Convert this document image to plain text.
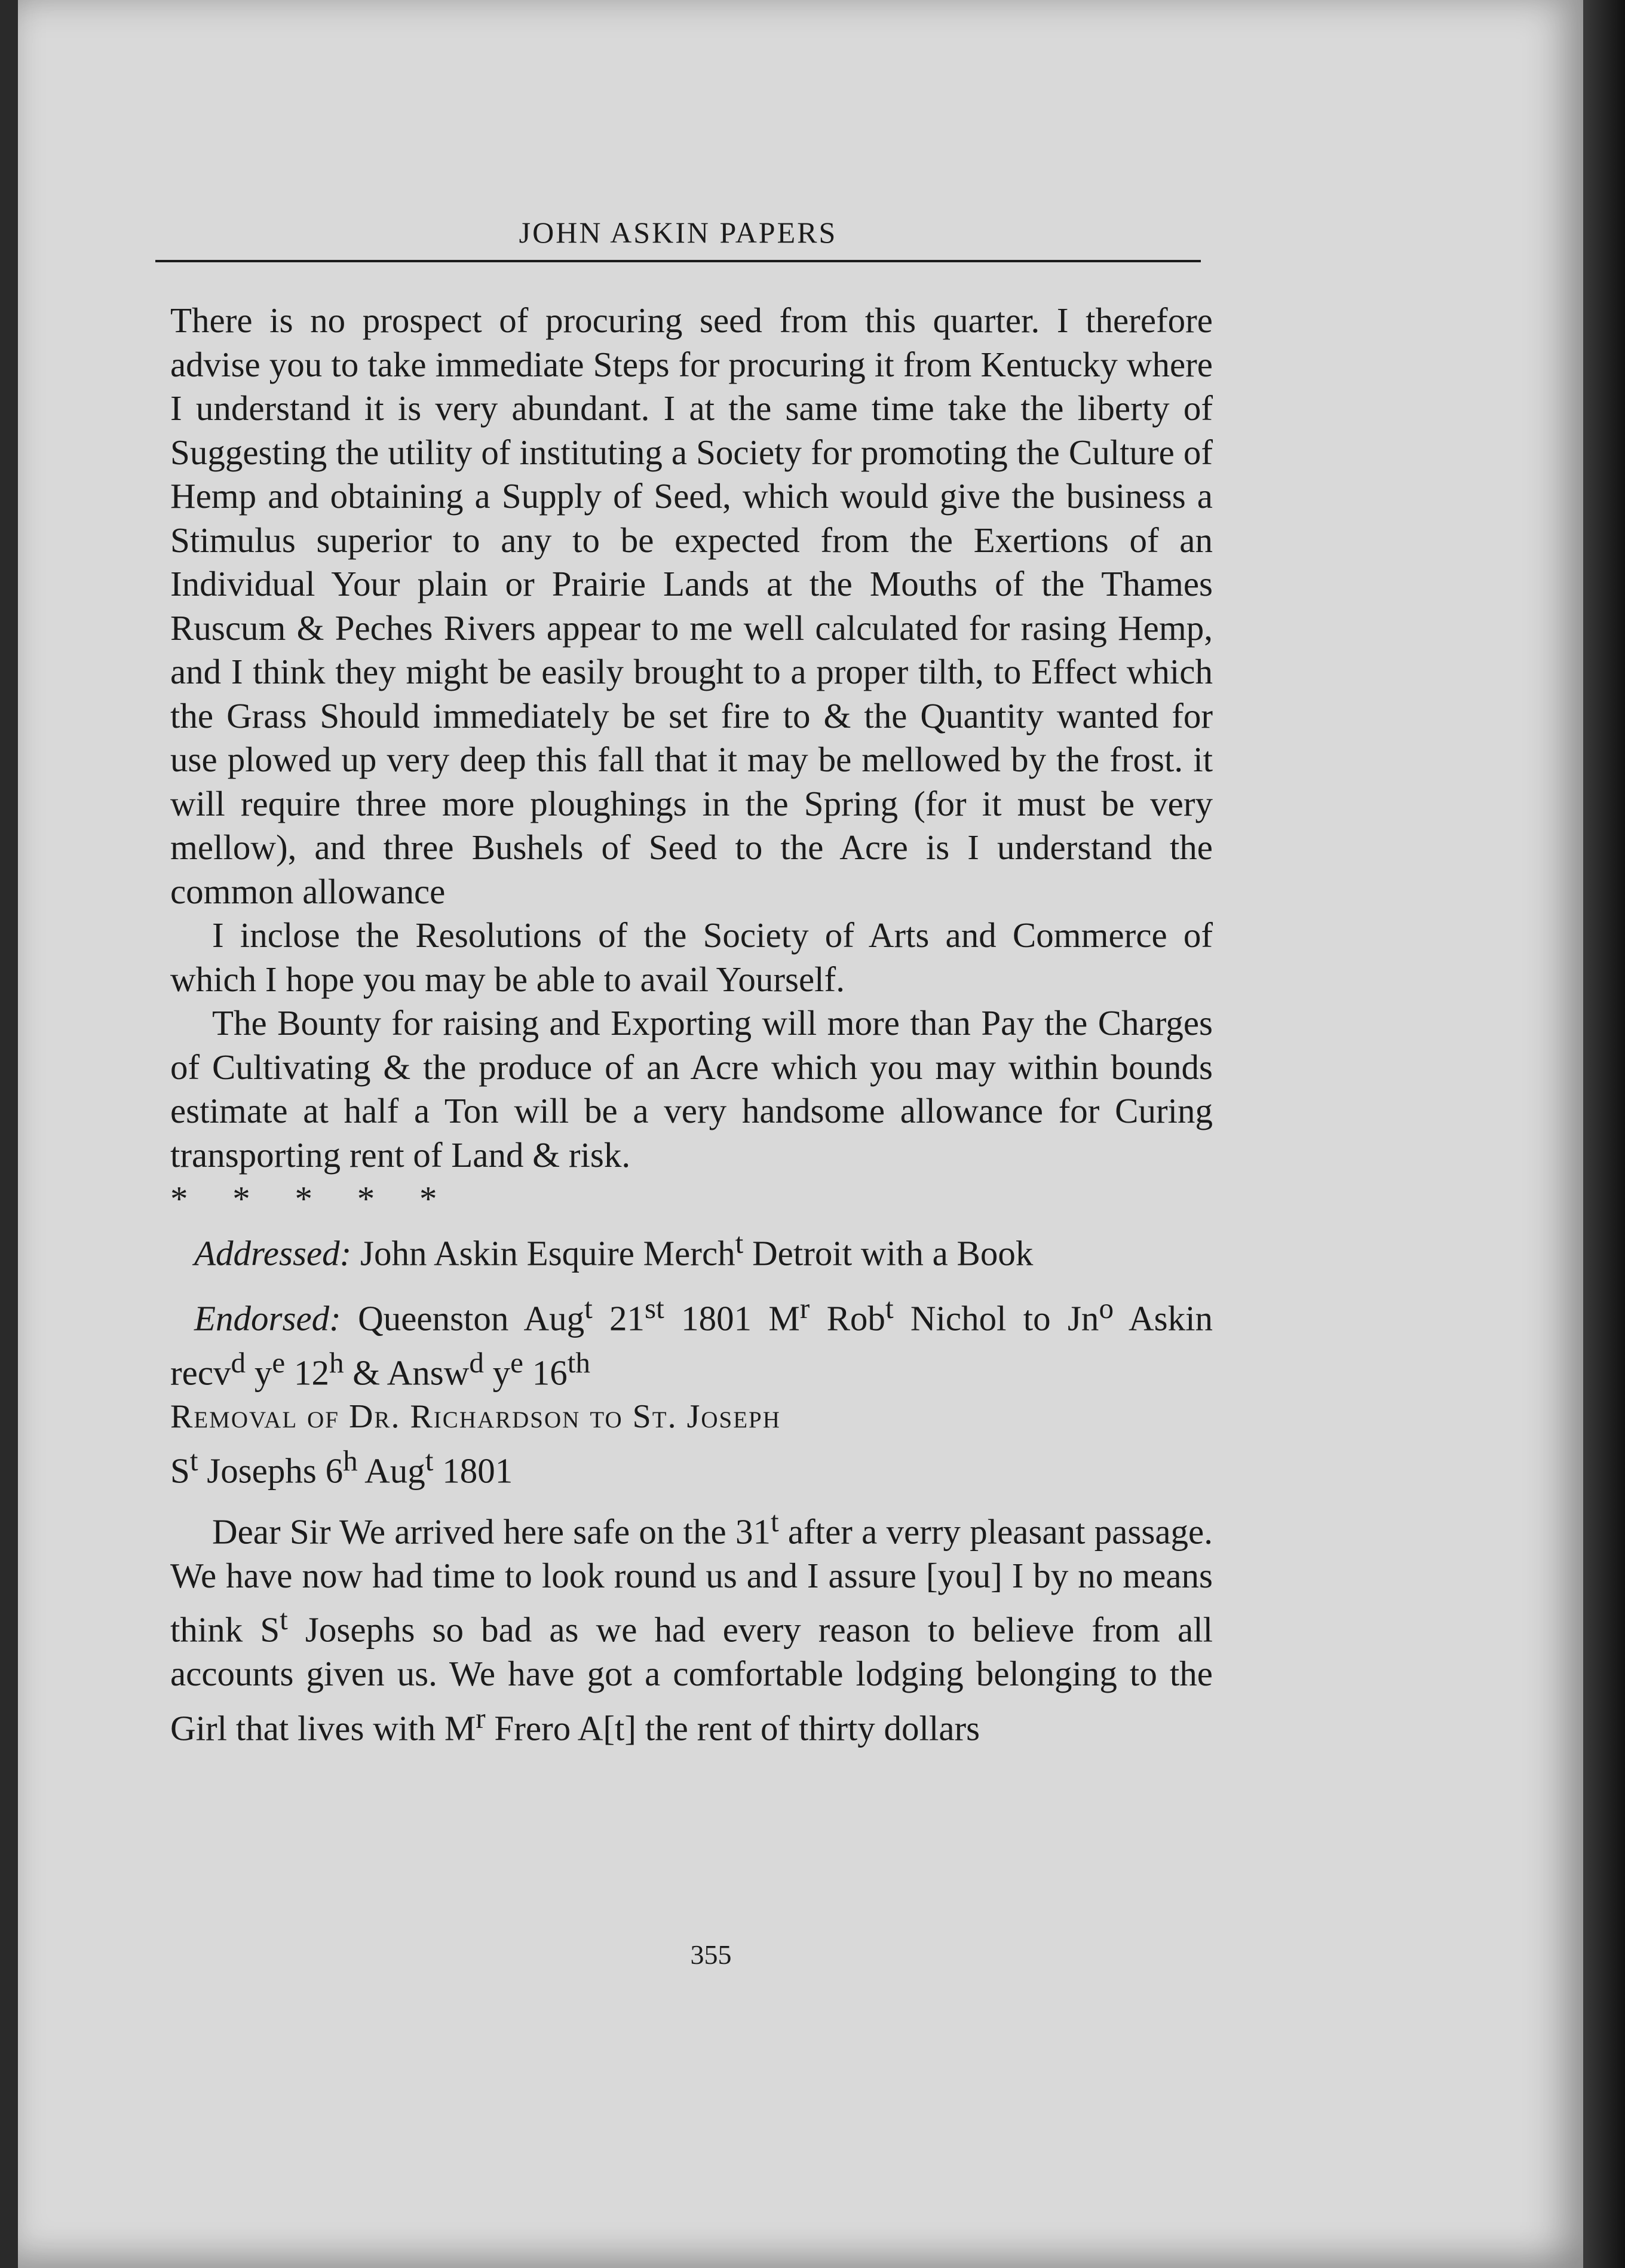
JOHN ASKIN PAPERS

There is no prospect of procuring seed from this quarter. I therefore advise you to take immediate Steps for procuring it from Kentucky where I understand it is very abundant. I at the same time take the liberty of Suggesting the utility of instituting a Society for promoting the Culture of Hemp and obtaining a Supply of Seed, which would give the business a Stimulus superior to any to be expected from the Exertions of an Individual Your plain or Prairie Lands at the Mouths of the Thames Ruscum & Peches Rivers appear to me well calculated for rasing Hemp, and I think they might be easily brought to a proper tilth, to Effect which the Grass Should immediately be set fire to & the Quantity wanted for use plowed up very deep this fall that it may be mellowed by the frost. it will require three more ploughings in the Spring (for it must be very mellow), and three Bushels of Seed to the Acre is I understand the common allowance

I inclose the Resolutions of the Society of Arts and Commerce of which I hope you may be able to avail Yourself.

The Bounty for raising and Exporting will more than Pay the Charges of Cultivating & the produce of an Acre which you may within bounds estimate at half a Ton will be a very handsome allowance for Curing transporting rent of Land & risk.

* * * * *

Addressed: John Askin Esquire Merch$^t$ Detroit with a Book

Endorsed: Queenston Aug$^t$ 21st 1801 $M^r$ Rob$^t$ Nichol to Jn$^o$ Askin recv$^d$ $y^e$ 12$^h$ & Answ$^d$ $y^e$ 16th

Removal of Dr. Richardson to St. Joseph

$S^t$ Josephs 6$^h$ Aug$^t$ 1801

Dear Sir We arrived here safe on the 31$^t$ after a verry pleasant passage. We have now had time to look round us and I assure [you] I by no means think $S^t$ Josephs so bad as we had every reason to believe from all accounts given us. We have got a comfortable lodging belonging to the Girl that lives with $M^r$ Frero A[t] the rent of thirty dollars

355
